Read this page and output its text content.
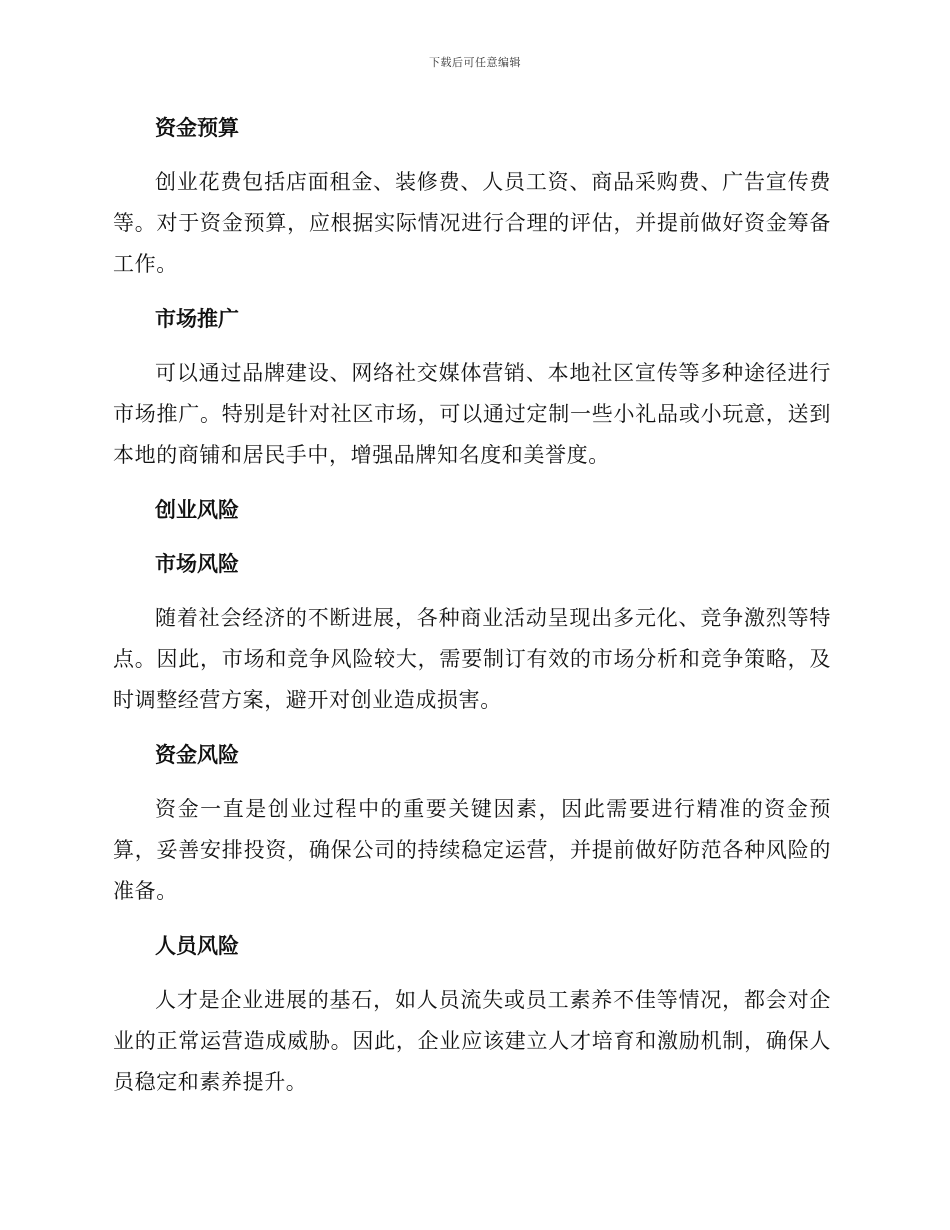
下载后可任意编辑
资金预算
创业花费包括店面租金、装修费、人员工资、商品采购费、广告宣传费等。对于资金预算，应根据实际情况进行合理的评估，并提前做好资金筹备工作。
市场推广
可以通过品牌建设、网络社交媒体营销、本地社区宣传等多种途径进行市场推广。特别是针对社区市场，可以通过定制一些小礼品或小玩意，送到本地的商铺和居民手中，增强品牌知名度和美誉度。
创业风险
市场风险
随着社会经济的不断进展，各种商业活动呈现出多元化、竞争激烈等特点。因此，市场和竞争风险较大，需要制订有效的市场分析和竞争策略，及时调整经营方案，避开对创业造成损害。
资金风险
资金一直是创业过程中的重要关键因素，因此需要进行精准的资金预算，妥善安排投资，确保公司的持续稳定运营，并提前做好防范各种风险的准备。
人员风险
人才是企业进展的基石，如人员流失或员工素养不佳等情况，都会对企业的正常运营造成威胁。因此，企业应该建立人才培育和激励机制，确保人员稳定和素养提升。
